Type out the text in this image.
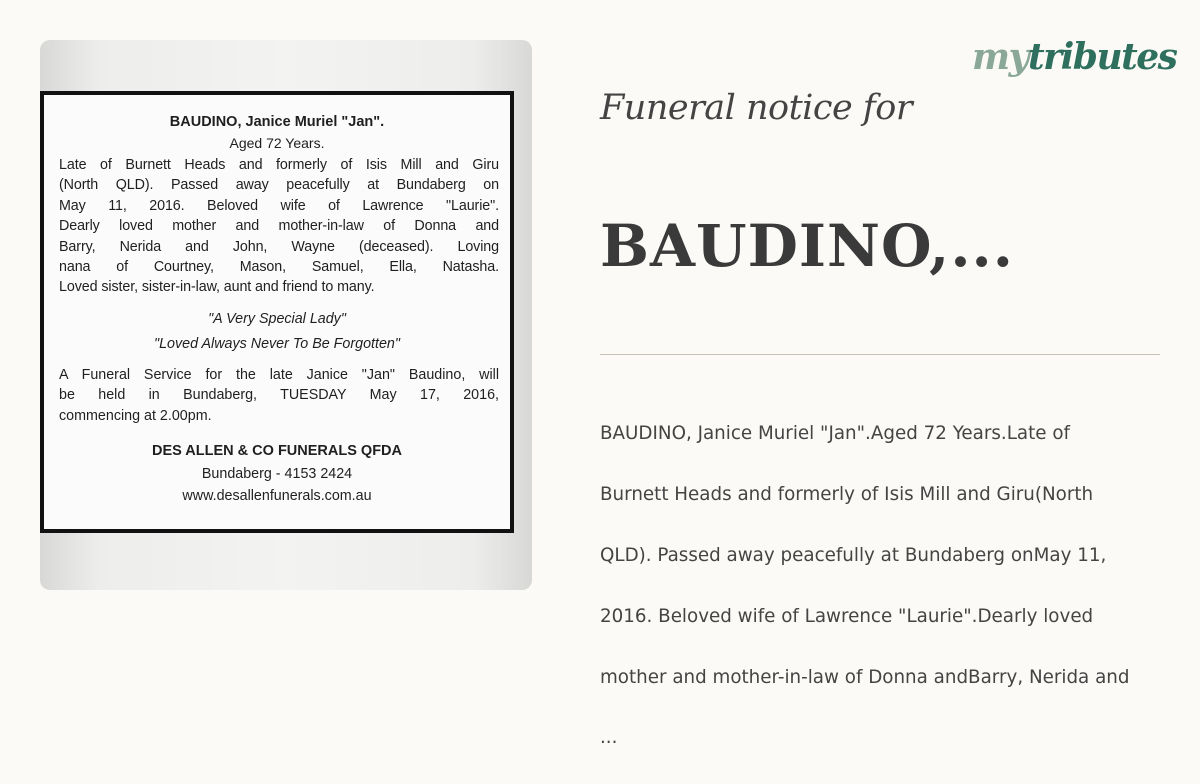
BAUDINO, Janice Muriel "Jan".
Aged 72 Years.
Late of Burnett Heads and formerly of Isis Mill and Giru
(North QLD). Passed away peacefully at Bundaberg on
May 11, 2016. Beloved wife of Lawrence "Laurie".
Dearly loved mother and mother-in-law of Donna and
Barry, Nerida and John, Wayne (deceased). Loving
nana of Courtney, Mason, Samuel, Ella, Natasha.
Loved sister, sister-in-law, aunt and friend to many.
"A Very Special Lady"
"Loved Always Never To Be Forgotten"
A Funeral Service for the late Janice "Jan" Baudino, will
be held in Bundaberg, TUESDAY May 17, 2016,
commencing at 2.00pm.
DES ALLEN & CO FUNERALS QFDA
Bundaberg - 4153 2424
www.desallenfunerals.com.au
mytributes
Funeral notice for
BAUDINO,...

BAUDINO, Janice Muriel "Jan".Aged 72 Years.Late of

Burnett Heads and formerly of Isis Mill and Giru(North

QLD). Passed away peacefully at Bundaberg onMay 11,

2016. Beloved wife of Lawrence "Laurie".Dearly loved

mother and mother-in-law of Donna andBarry, Nerida and

...
